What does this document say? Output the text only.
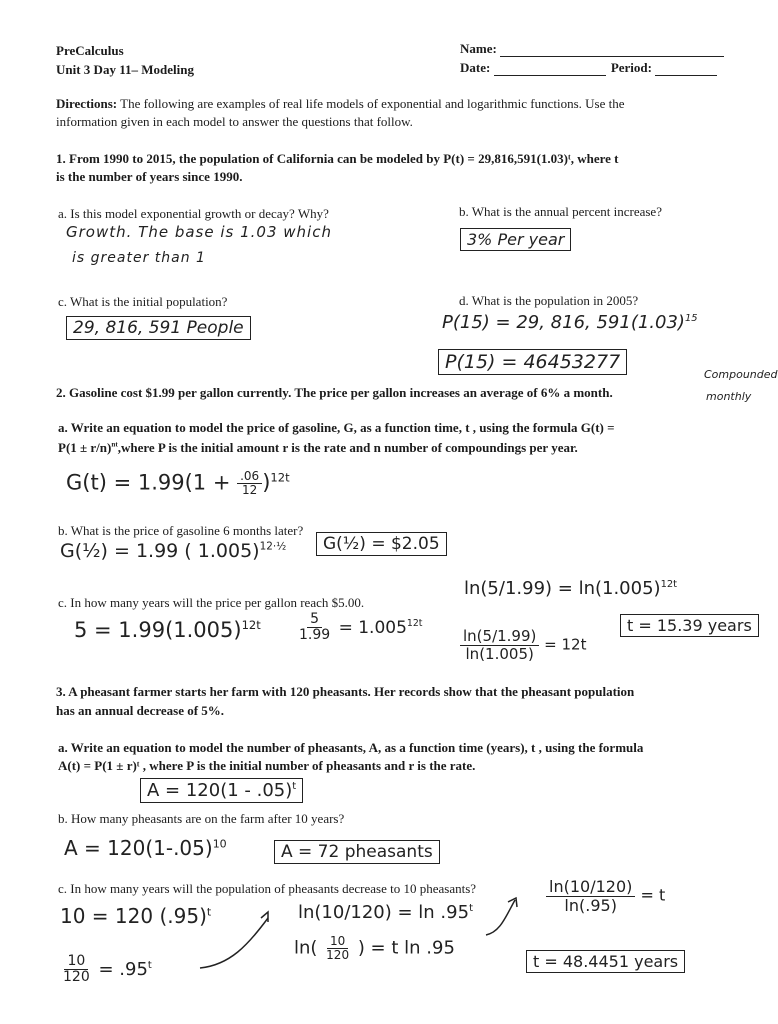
PreCalculus
Unit 3 Day 11– Modeling
Name:
Date:	Period:
Directions: The following are examples of real life models of exponential and logarithmic functions. Use the
information given in each model to answer the questions that follow.
1. From 1990 to 2015, the population of California can be modeled by P(t) = 29,816,591(1.03)ᵗ, where t
is the number of years since 1990.
a. Is this model exponential growth or decay? Why?
Growth. The base is 1.03 which
is greater than 1
b. What is the annual percent increase?
3% Per year
c. What is the initial population?
29, 816, 591 People
d. What is the population in 2005?
P(15) = 29, 816, $591(1.03)^{15}$
P(15) = 46453277
Compounded
monthly
2. Gasoline cost $1.99 per gallon currently. The price per gallon increases an average of 6% a month.
a. Write an equation to model the price of gasoline, G, as a function time, t , using the formula G(t) =
$P(1 \pm r/n)^{nt},where$ P is the initial amount r is the rate and n number of compoundings per year.
$G(t) = 1.99(1 + \frac{.06}{12} )^{12t}$
b. What is the price of gasoline 6 months later?
G(½) = 1.99 ( 1.005)$^{12\cdot\frac{1}{2}}$	G(½) = $2.05
c. In how many years will the price per gallon reach $5.00.
$5 = 1.99(1.005)^{12t}$	$\frac{5}{1.99} = 1.005^{12t}$
$\ln(5/1.99) = \ln(1.005)^{12t}$
$\frac{\ln(5/1.99)}{\ln(1.005)} = 12t$
t = 15.39 years
3. A pheasant farmer starts her farm with 120 pheasants. Her records show that the pheasant population
has an annual decrease of 5%.
a. Write an equation to model the number of pheasants, A, as a function time (years), t , using the formula
A(t) = P(1 ± r)ᵗ , where P is the initial number of pheasants and r is the rate.
A = 120(1 - .05)$^t$
b. How many pheasants are on the farm after 10 years?
$A = 120(1-.05)^{10}$	A = 72 pheasants
c. In how many years will the population of pheasants decrease to 10 pheasants?
10 = 120 $(.95)^t$
$\frac{10}{120} = .95^t$
ln(10/120) = ln .95$^t$
$\ln( \frac{10}{120}$ ) = t ln .95
$\frac{\ln(10/120)}{\ln(.95)} = t$
t = 48.4451 years
